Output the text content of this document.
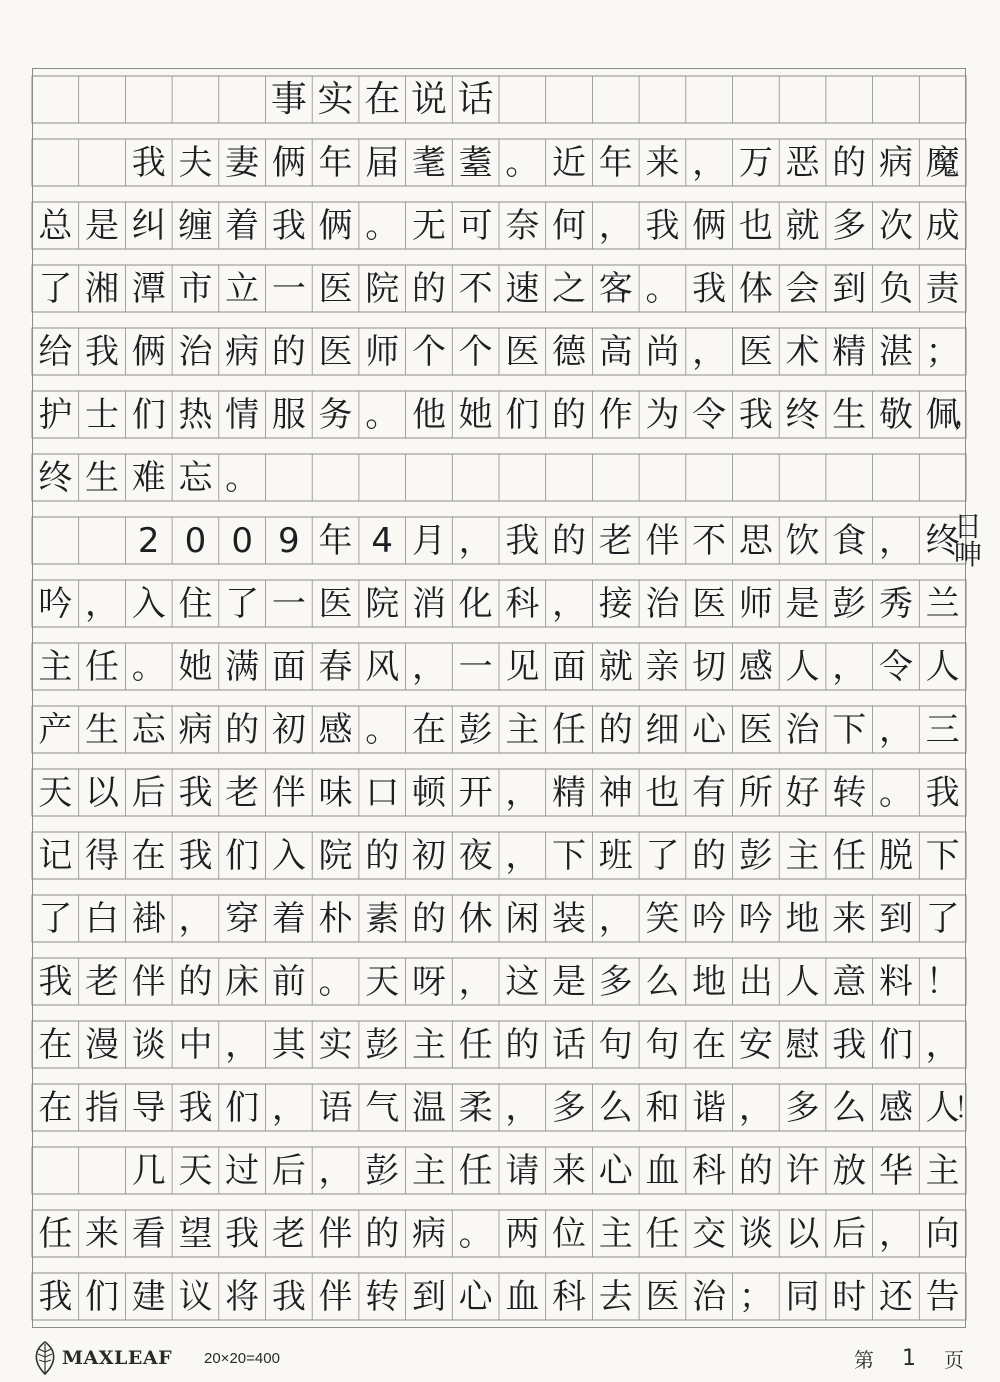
事 实 在 说 话
我 夫 妻 俩 年 届 耄 耋 。 近 年 来 ， 万 恶 的 病 魔
总 是 纠 缠 着 我 俩 。 无 可 奈 何 ， 我 俩 也 就 多 次 成
了 湘 潭 市 立 一 医 院 的 不 速 之 客 。 我 体 会 到 负 责
给 我 俩 治 病 的 医 师 个 个 医 德 高 尚 ， 医 术 精 湛 ；
护 士 们 热 情 服 务 。 他 她 们 的 作 为 令 我 终 生 敬 佩
，
终 生 难 忘 。
2 0 0 9 年 4 月 ， 我 的 老 伴 不 思 饮 食 ， 终
日呻
吟 ， 入 住 了 一 医 院 消 化 科 ， 接 治 医 师 是 彭 秀 兰
主 任 。 她 满 面 春 风 ， 一 见 面 就 亲 切 感 人 ， 令 人
产 生 忘 病 的 初 感 。 在 彭 主 任 的 细 心 医 治 下 ， 三
天 以 后 我 老 伴 味 口 顿 开 ， 精 神 也 有 所 好 转 。 我
记 得 在 我 们 入 院 的 初 夜 ， 下 班 了 的 彭 主 任 脱 下
了 白 褂 ， 穿 着 朴 素 的 休 闲 装 ， 笑 吟 吟 地 来 到 了
我 老 伴 的 床 前 。 天 呀 ， 这 是 多 么 地 出 人 意 料 ！
在 漫 谈 中 ， 其 实 彭 主 任 的 话 句 句 在 安 慰 我 们 ，
在 指 导 我 们 ， 语 气 温 柔 ， 多 么 和 谐 ， 多 么 感 人
！
几 天 过 后 ， 彭 主 任 请 来 心 血 科 的 许 放 华 主
任 来 看 望 我 老 伴 的 病 。 两 位 主 任 交 谈 以 后 ， 向
我 们 建 议 将 我 伴 转 到 心 血 科 去 医 治 ； 同 时 还 告
MAXLEAF 20×20=400	第 1 页
